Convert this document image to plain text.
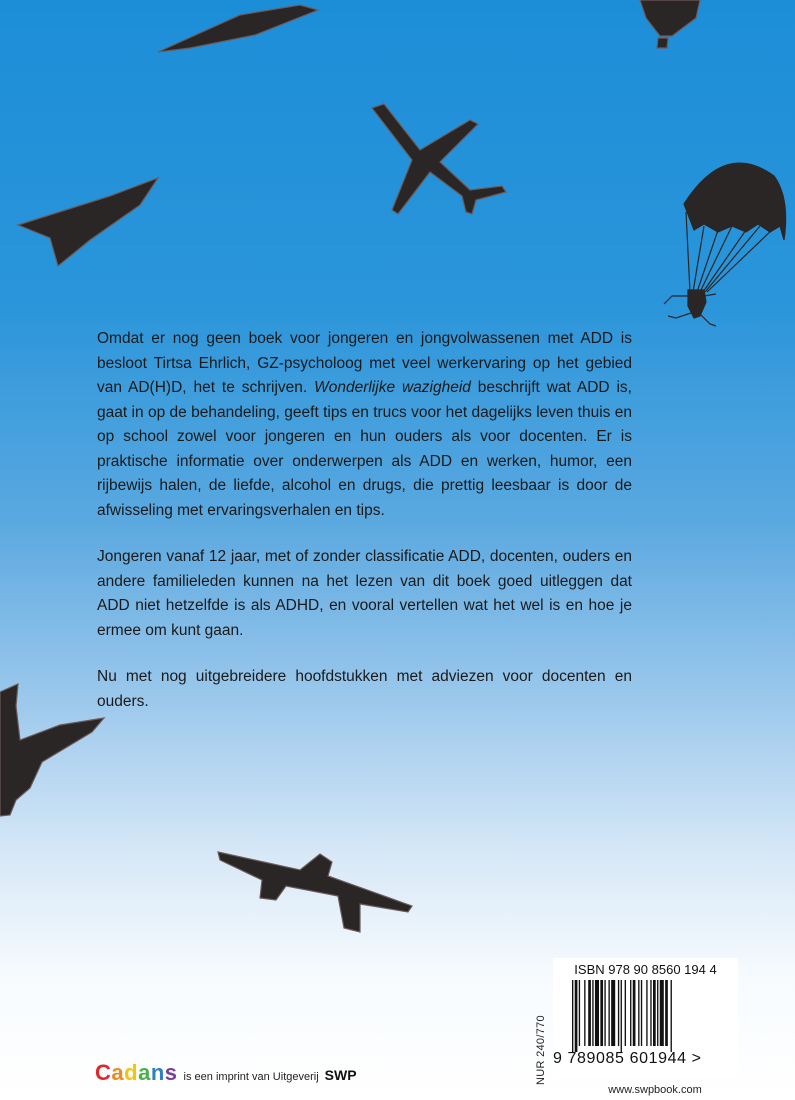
Omdat er nog geen boek voor jongeren en jongvolwassenen met ADD is besloot Tirtsa Ehrlich, GZ-psycholoog met veel werkervaring op het gebied van AD(H)D, het te schrijven. Wonderlijke wazigheid beschrijft wat ADD is, gaat in op de behandeling, geeft tips en trucs voor het dagelijks leven thuis en op school zowel voor jongeren en hun ouders als voor docenten. Er is praktische informatie over onderwerpen als ADD en werken, humor, een rijbewijs halen, de liefde, alcohol en drugs, die prettig leesbaar is door de afwisseling met ervaringsverhalen en tips.

Jongeren vanaf 12 jaar, met of zonder classificatie ADD, docenten, ouders en andere familieleden kunnen na het lezen van dit boek goed uitleggen dat ADD niet hetzelfde is als ADHD, en vooral vertellen wat het wel is en hoe je ermee om kunt gaan.

Nu met nog uitgebreidere hoofdstukken met adviezen voor docenten en ouders.

NUR 240/770
ISBN 978 90 8560 194 4
9 789085 601944 >
www.swpbook.com
Cadans is een imprint van Uitgeverij SWP
